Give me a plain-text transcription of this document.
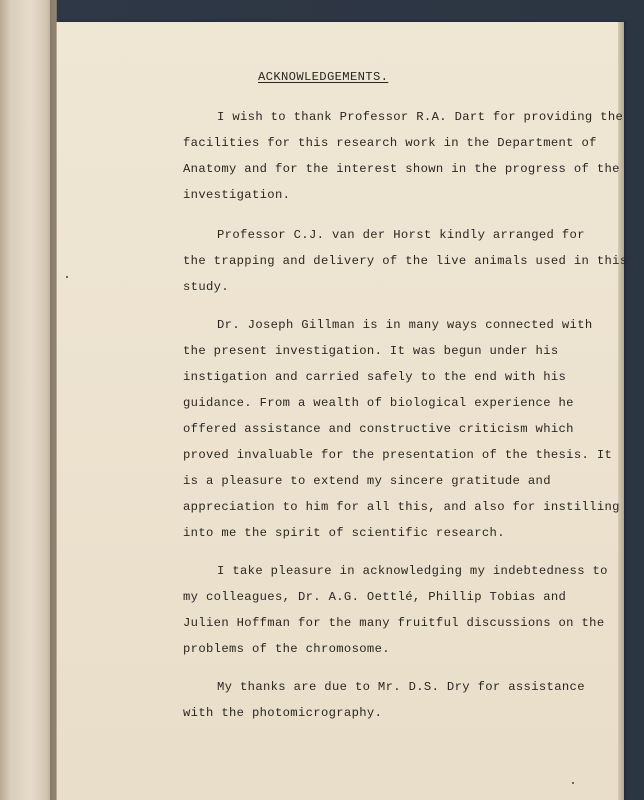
ACKNOWLEDGEMENTS.
I wish to thank Professor R.A. Dart for providing the
facilities for this research work in the Department of
Anatomy and for the interest shown in the progress of the
investigation.
Professor C.J. van der Horst kindly arranged for
the trapping and delivery of the live animals used in this
study.
Dr. Joseph Gillman is in many ways connected with
the present investigation. It was begun under his
instigation and carried safely to the end with his
guidance. From a wealth of biological experience he
offered assistance and constructive criticism which
proved invaluable for the presentation of the thesis. It
is a pleasure to extend my sincere gratitude and
appreciation to him for all this, and also for instilling
into me the spirit of scientific research.
I take pleasure in acknowledging my indebtedness to
my colleagues, Dr. A.G. Oettlé, Phillip Tobias and
Julien Hoffman for the many fruitful discussions on the
problems of the chromosome.
My thanks are due to Mr. D.S. Dry for assistance
with the photomicrography.
